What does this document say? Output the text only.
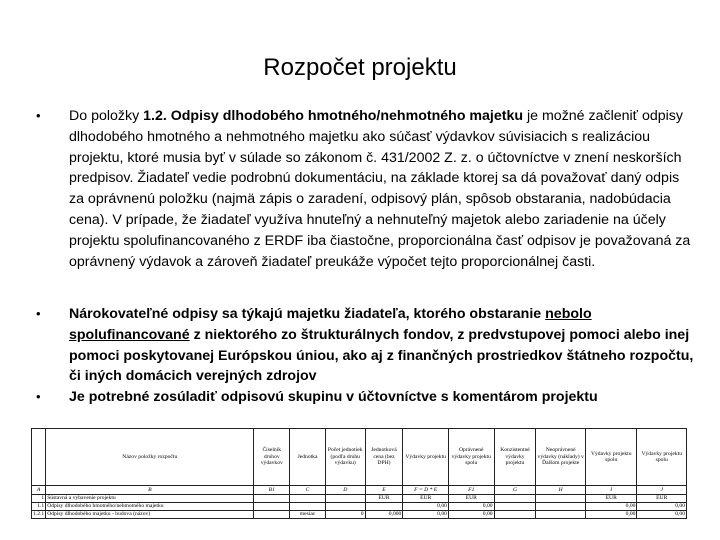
Rozpočet projektu
• Do položky 1.2. Odpisy dlhodobého hmotného/nehmotného majetku je možné začleniť odpisy dlhodobého hmotného a nehmotného majetku ako súčasť výdavkov súvisiacich s realizáciou projektu, ktoré musia byť v súlade so zákonom č. 431/2002 Z. z. o účtovníctve v znení neskorších predpisov. Žiadateľ vedie podrobnú dokumentáciu, na základe ktorej sa dá považovať daný odpis za oprávnenú položku (najmä zápis o zaradení, odpisový plán, spôsob obstarania, nadobúdacia cena). V prípade, že žiadateľ využíva hnuteľný a nehnuteľný majetok alebo zariadenie na účely projektu spolufinancovaného z ERDF iba čiastočne, proporcionálna časť odpisov je považovaná za oprávnený výdavok a zároveň žiadateľ preukáže výpočet tejto proporcionálnej časti.
• Nárokovateľné odpisy sa týkajú majetku žiadateľa, ktorého obstaranie nebolo spolufinancované z niektorého zo štrukturálnych fondov, z predvstupovej pomoci alebo inej pomoci poskytovanej Európskou úniou, ako aj z finančných prostriedkov štátneho rozpočtu, či iných domácich verejných zdrojov
• Je potrebné zosúladiť odpisovú skupinu v účtovníctve s komentárom projektu
	Názov položky rozpočtu	Číselník druhov výdavkov	Jednotka	Počet jednotiek (podľa druhu výdavku)	Jednotková cena (bez DPH)	Výdavky projektu	Oprávnené výdavky projektu spolu	Konzistentné výdavky projektu	Neoprávnené výdavky (náklady) v Ďalšom projekte	Výdavky projektu spolu	Výdavky projektu spolu
A	B	B1	C	D	E	F = D * E	F1	G	H	I	J
1	Sústavná a vybavenie projektu				EUR	EUR	EUR			EUR	EUR
1.1	Odpisy dlhodobého hmotného/nehmotného majetku					0,00	0,00			0,00	0,00
1.2.1	Odpisy dlhodobého majetku - budova (názov)		mesiac	0	0,000	0,00	0,00			0,00	0,00
